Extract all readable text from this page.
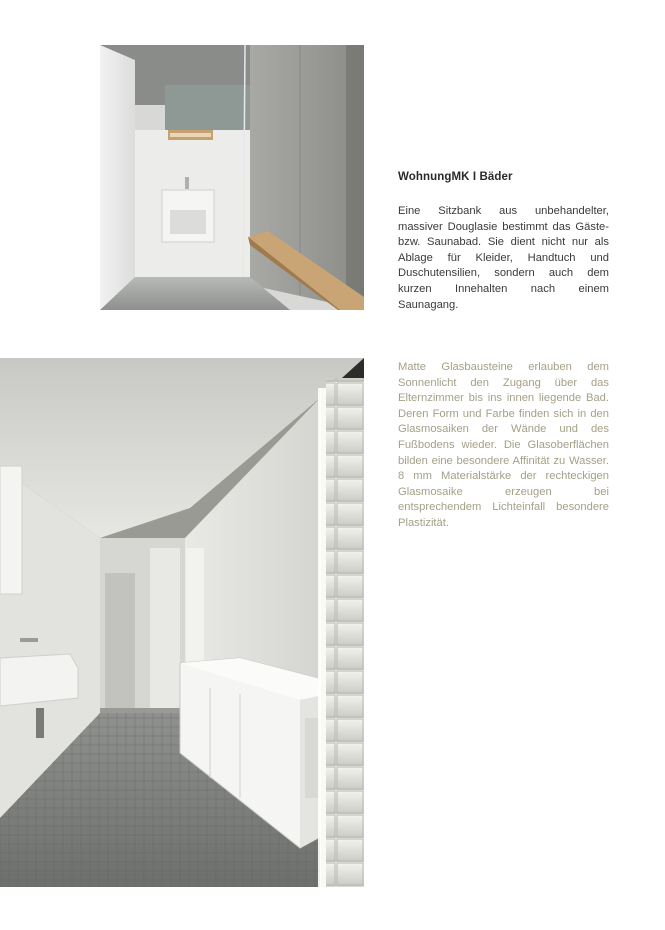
WohnungMK I Bäder

Eine Sitzbank aus unbehandelter, massiver Douglasie bestimmt das Gäste- bzw. Saunabad. Sie dient nicht nur als Ablage für Kleider, Handtuch und Duschutensilien, sondern auch dem kurzen Innehalten nach einem Saunagang.

Matte Glasbausteine erlauben dem Sonnenlicht den Zugang über das Elternzimmer bis ins innen liegende Bad. Deren Form und Farbe finden sich in den Glasmosaiken der Wände und des Fußbodens wieder. Die Glasoberflächen bilden eine besondere Affinität zu Wasser. 8 mm Materialstärke der rechteckigen Glasmosaike erzeugen bei entsprechendem Lichteinfall besondere Plastizität.
